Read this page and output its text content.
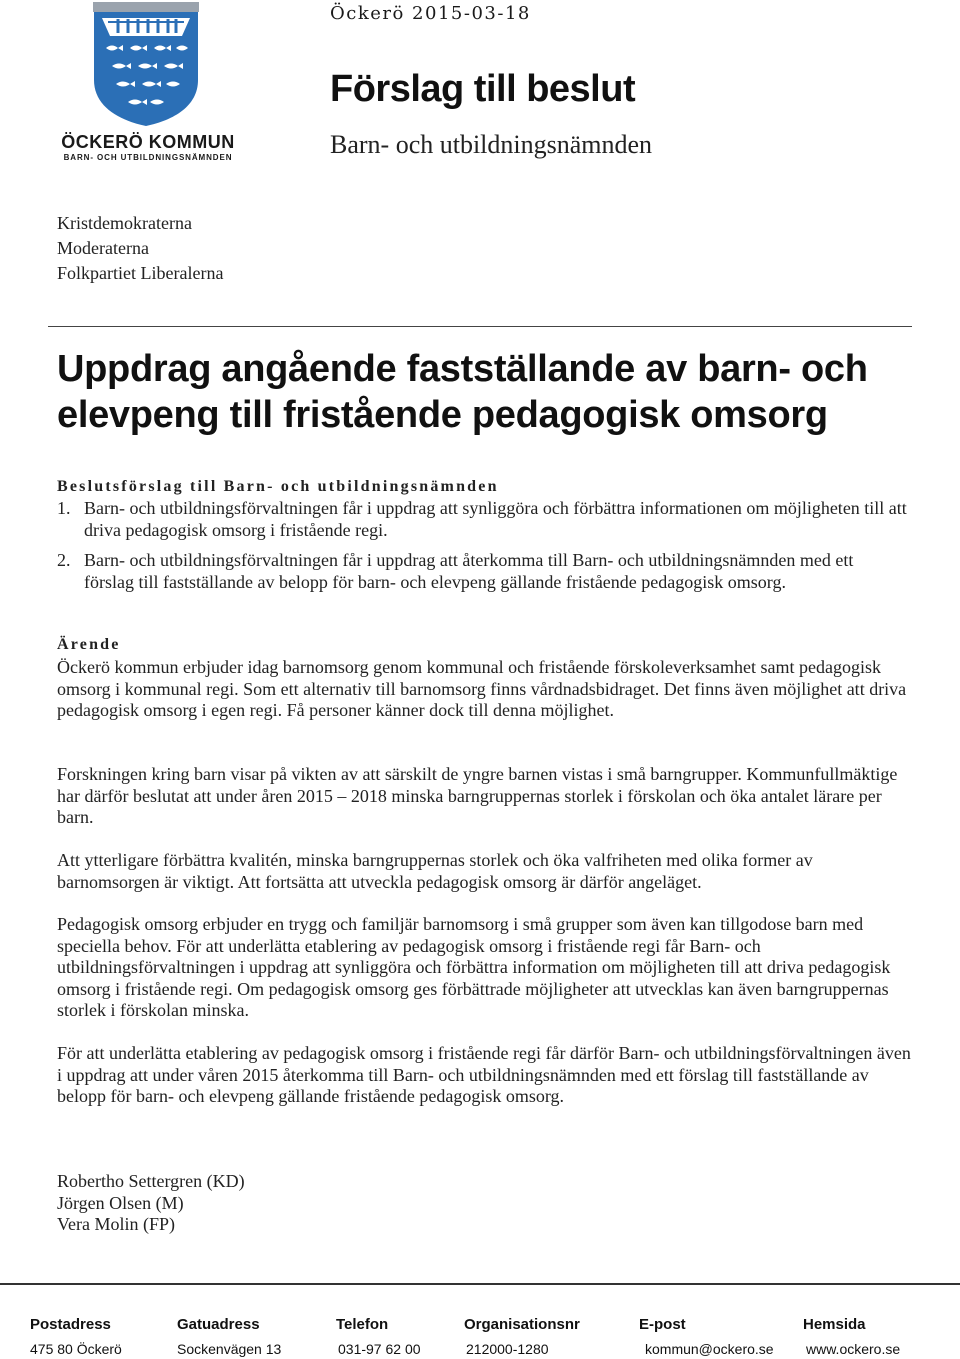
ÖCKERÖ KOMMUN
BARN- OCH UTBILDNINGSNÄMNDEN
Öckerö 2015-03-18
Förslag till beslut
Barn- och utbildningsnämnden
Kristdemokraterna
Moderaterna
Folkpartiet Liberalerna
Uppdrag angående fastställande av barn- och
elevpeng till fristående pedagogisk omsorg
Beslutsförslag till Barn- och utbildningsnämnden
1. Barn- och utbildningsförvaltningen får i uppdrag att synliggöra och förbättra informationen om möjligheten till att driva pedagogisk omsorg i fristående regi.
2. Barn- och utbildningsförvaltningen får i uppdrag att återkomma till Barn- och utbildningsnämnden med ett förslag till fastställande av belopp för barn- och elevpeng gällande fristående pedagogisk omsorg.
Ärende
Öckerö kommun erbjuder idag barnomsorg genom kommunal och fristående förskoleverksamhet samt pedagogisk omsorg i kommunal regi. Som ett alternativ till barnomsorg finns vårdnadsbidraget. Det finns även möjlighet att driva pedagogisk omsorg i egen regi. Få personer känner dock till denna möjlighet.
Forskningen kring barn visar på vikten av att särskilt de yngre barnen vistas i små barngrupper. Kommunfullmäktige har därför beslutat att under åren 2015 – 2018 minska barngruppernas storlek i förskolan och öka antalet lärare per barn.
Att ytterligare förbättra kvalitén, minska barngruppernas storlek och öka valfriheten med olika former av barnomsorgen är viktigt. Att fortsätta att utveckla pedagogisk omsorg är därför angeläget.
Pedagogisk omsorg erbjuder en trygg och familjär barnomsorg i små grupper som även kan tillgodose barn med speciella behov. För att underlätta etablering av pedagogisk omsorg i fristående regi får Barn- och utbildningsförvaltningen i uppdrag att synliggöra och förbättra information om möjligheten till att driva pedagogisk omsorg i fristående regi. Om pedagogisk omsorg ges förbättrade möjligheter att utvecklas kan även barngruppernas storlek i förskolan minska.
För att underlätta etablering av pedagogisk omsorg i fristående regi får därför Barn- och utbildningsförvaltningen även i uppdrag att under våren 2015 återkomma till Barn- och utbildningsnämnden med ett förslag till fastställande av belopp för barn- och elevpeng gällande fristående pedagogisk omsorg.
Robertho Settergren (KD)
Jörgen Olsen (M)
Vera Molin (FP)
Postadress	Gatuadress	Telefon	Organisationsnr	E-post	Hemsida
475 80 Öckerö	Sockenvägen 13	031-97 62 00	212000-1280	kommun@ockero.se www.ockero.se
